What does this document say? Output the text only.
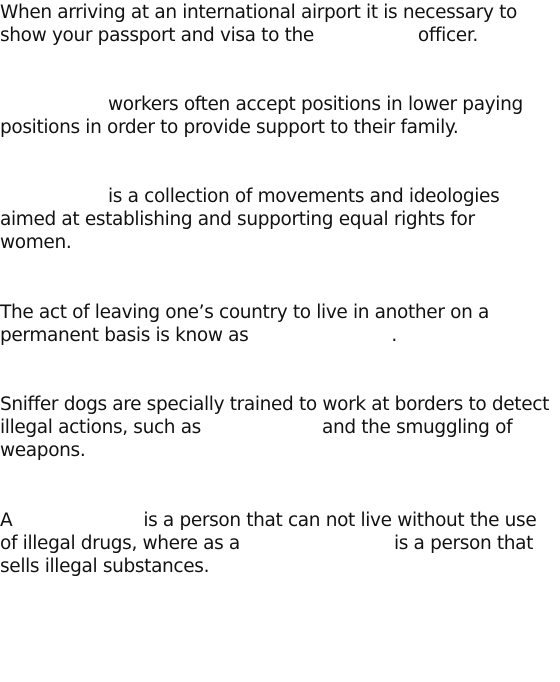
When arriving at an international airport it is necessary to
show your passport and visa to the	officer.
workers often accept positions in lower paying
positions in order to provide support to their family.
is a collection of movements and ideologies
aimed at establishing and supporting equal rights for
women.
The act of leaving one’s country to live in another on a
permanent basis is know as	.
Sniffer dogs are specially trained to work at borders to detect
illegal actions, such as	and the smuggling of
weapons.
A	is a person that can not live without the use
of illegal drugs, where as a	is a person that
sells illegal substances.
